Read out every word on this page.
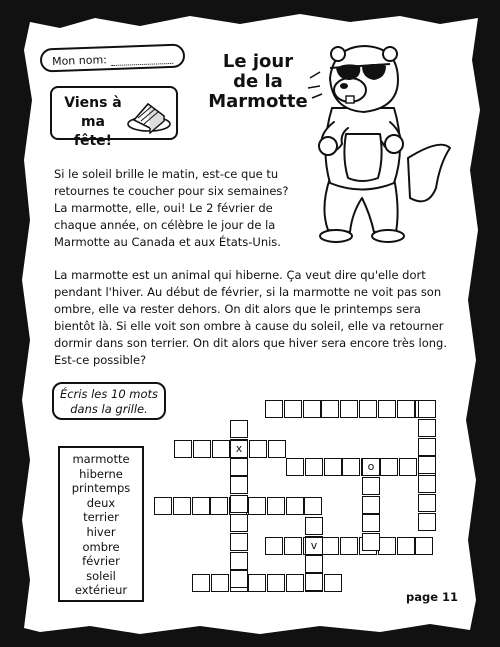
Mon nom:	Le jour
de la
Marmotte
Viens à
ma fête!
Si le soleil brille le matin, est-ce que tu
retournes te coucher pour six semaines?
La marmotte, elle, oui! Le 2 février de
chaque année, on célèbre le jour de la
Marmotte au Canada et aux États-Unis.
La marmotte est un animal qui hiberne. Ça veut dire qu'elle dort
pendant l'hiver. Au début de février, si la marmotte ne voit pas son
ombre, elle va rester dehors. On dit alors que le printemps sera
bientôt là. Si elle voit son ombre à cause du soleil, elle va retourner
dormir dans son terrier. On dit alors que hiver sera encore très long.
Est-ce possible?
Écris les 10 mots
dans la grille.
marmotte
hiberne
printemps
deux
terrier
hiver
ombre
février
soleil
extérieur
o
x
v
page 11
